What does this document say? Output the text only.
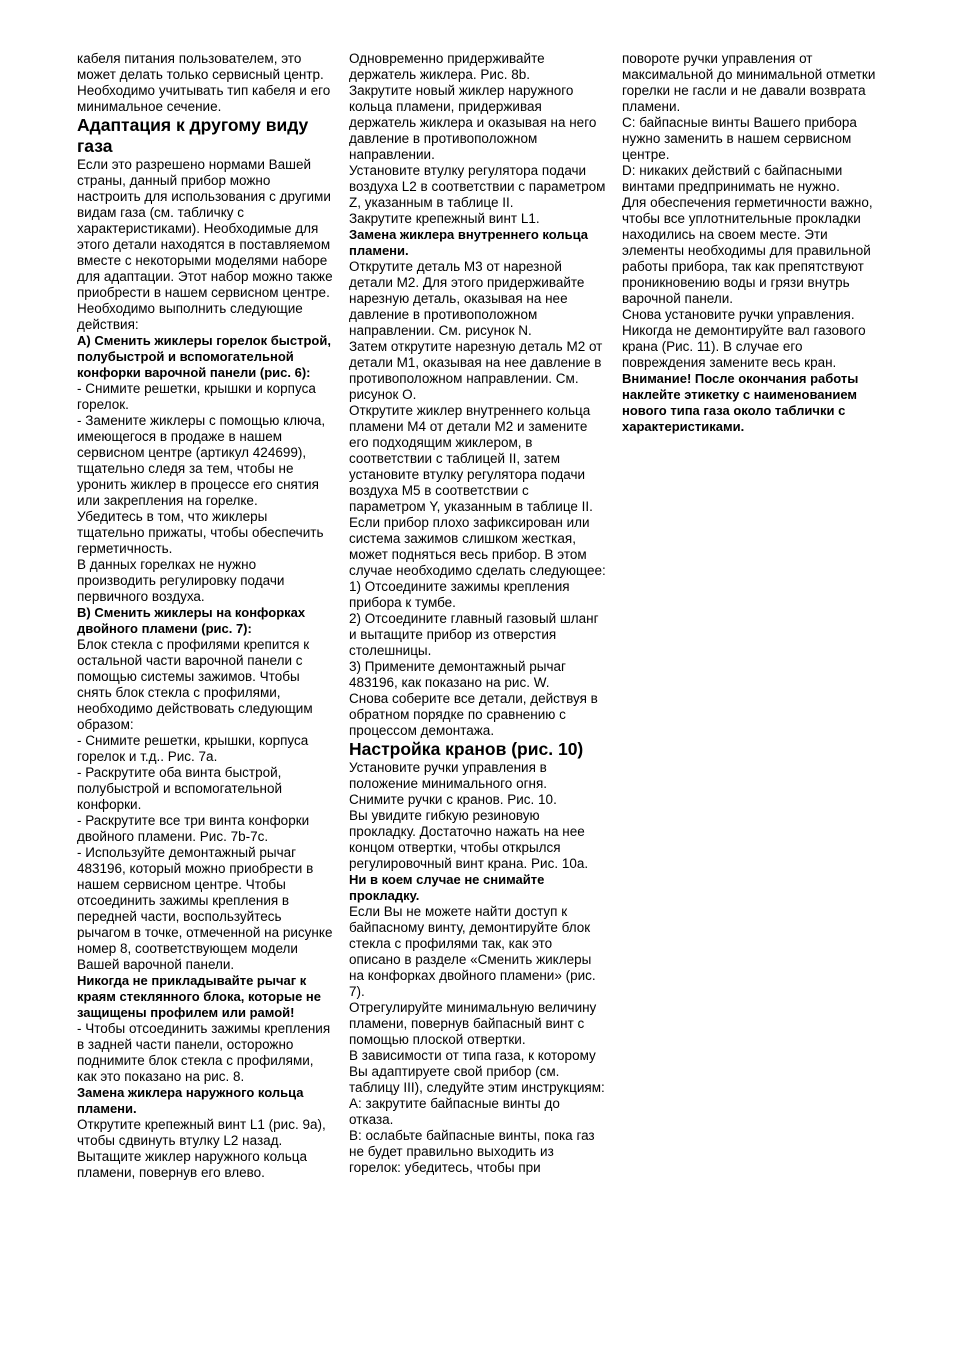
кабеля питания пользователем, это может делать только сервисный центр. Необходимо учитывать тип кабеля и его минимальное сечение.

Адаптация к другому виду газа

Если это разрешено нормами Вашей страны, данный прибор можно настроить для использования с другими видам газа (см. табличку с характеристиками). Необходимые для этого детали находятся в поставляемом вместе с некоторыми моделями наборе для адаптации. Этот набор можно также приобрести в нашем сервисном центре.

Необходимо выполнить следующие действия:

А) Сменить жиклеры горелок быстрой, полубыстрой и вспомогательной конфорки варочной панели (рис. 6):

- Снимите решетки, крышки и корпуса горелок.

- Замените жиклеры с помощью ключа, имеющегося в продаже в нашем сервисном центре (артикул 424699), тщательно следя за тем, чтобы не уронить жиклер в процессе его снятия или закрепления на горелке.

Убедитесь в том, что жиклеры тщательно прижаты, чтобы обеспечить герметичность.

В данных горелках не нужно производить регулировку подачи первичного воздуха.

В) Сменить жиклеры на конфорках двойного пламени (рис. 7):

Блок стекла с профилями крепится к остальной части варочной панели с помощью системы зажимов. Чтобы снять блок стекла с профилями, необходимо действовать следующим образом:

- Снимите решетки, крышки, корпуса горелок и т.д.. Рис. 7a.

- Раскрутите оба винта быстрой, полубыстрой и вспомогательной конфорки.

- Раскрутите все три винта конфорки двойного пламени. Рис. 7b-7c.

- Используйте демонтажный рычаг 483196, который можно приобрести в нашем сервисном центре. Чтобы отсоединить зажимы крепления в передней части, воспользуйтесь рычагом в точке, отмеченной на рисунке номер 8, соответствующем модели Вашей варочной панели.

Никогда не прикладывайте рычаг к краям стеклянного блока, которые не защищены профилем или рамой!

- Чтобы отсоединить зажимы крепления в задней части панели, осторожно поднимите блок стекла с профилями, как это показано на рис. 8.

Замена жиклера наружного кольца пламени.

Открутите крепежный винт L1 (рис. 9a), чтобы сдвинуть втулку L2 назад. Вытащите жиклер наружного кольца пламени, повернув его влево.

Одновременно придерживайте держатель жиклера. Рис. 8b.

Закрутите новый жиклер наружного кольца пламени, придерживая держатель жиклера и оказывая на него давление в противоположном направлении.

Установите втулку регулятора подачи воздуха L2 в соответствии с параметром Z, указанным в таблице II.

Закрутите крепежный винт L1.

Замена жиклера внутреннего кольца пламени.

Открутите деталь M3 от нарезной детали M2. Для этого придерживайте нарезную деталь, оказывая на нее давление в противоположном направлении. См. рисунок N.

Затем открутите нарезную деталь M2 от детали M1, оказывая на нее давление в противоположном направлении. См. рисунок O.

Открутите жиклер внутреннего кольца пламени M4 от детали M2 и замените его подходящим жиклером, в соответствии с таблицей II, затем установите втулку регулятора подачи воздуха M5 в соответствии с параметром Y, указанным в таблице II.

Если прибор плохо зафиксирован или система зажимов слишком жесткая, может подняться весь прибор. В этом случае необходимо сделать следующее:

1) Отсоедините зажимы крепления прибора к тумбе.

2) Отсоедините главный газовый шланг и вытащите прибор из отверстия столешницы.

3) Примените демонтажный рычаг 483196, как показано на рис. W.

Снова соберите все детали, действуя в обратном порядке по сравнению с процессом демонтажа.

Настройка кранов (рис. 10)

Установите ручки управления в положение минимального огня.

Снимите ручки с кранов. Рис. 10.

Вы увидите гибкую резиновую прокладку. Достаточно нажать на нее концом отвертки, чтобы открылся регулировочный винт крана. Рис. 10a.

Ни в коем случае не снимайте прокладку.

Если Вы не можете найти доступ к байпасному винту, демонтируйте блок стекла с профилями так, как это описано в разделе «Сменить жиклеры на конфорках двойного пламени» (рис. 7).

Отрегулируйте минимальную величину пламени, повернув байпасный винт с помощью плоской отвертки.

В зависимости от типа газа, к которому Вы адаптируете свой прибор (см. таблицу III), следуйте этим инструкциям:

A: закрутите байпасные винты до отказа.

B: ослабьте байпасные винты, пока газ не будет правильно выходить из горелок: убедитесь, чтобы при

повороте ручки управления от максимальной до минимальной отметки горелки не гасли и не давали возврата пламени.

C: байпасные винты Вашего прибора нужно заменить в нашем сервисном центре.

D: никаких действий с байпасными винтами предпринимать не нужно.

Для обеспечения герметичности важно, чтобы все уплотнительные прокладки находились на своем месте. Эти элементы необходимы для правильной работы прибора, так как препятствуют проникновению воды и грязи внутрь варочной панели.

Снова установите ручки управления.

Никогда не демонтируйте вал газового крана (Рис. 11). В случае его повреждения замените весь кран.

Внимание! После окончания работы наклейте этикетку с наименованием нового типа газа около таблички с характеристиками.
